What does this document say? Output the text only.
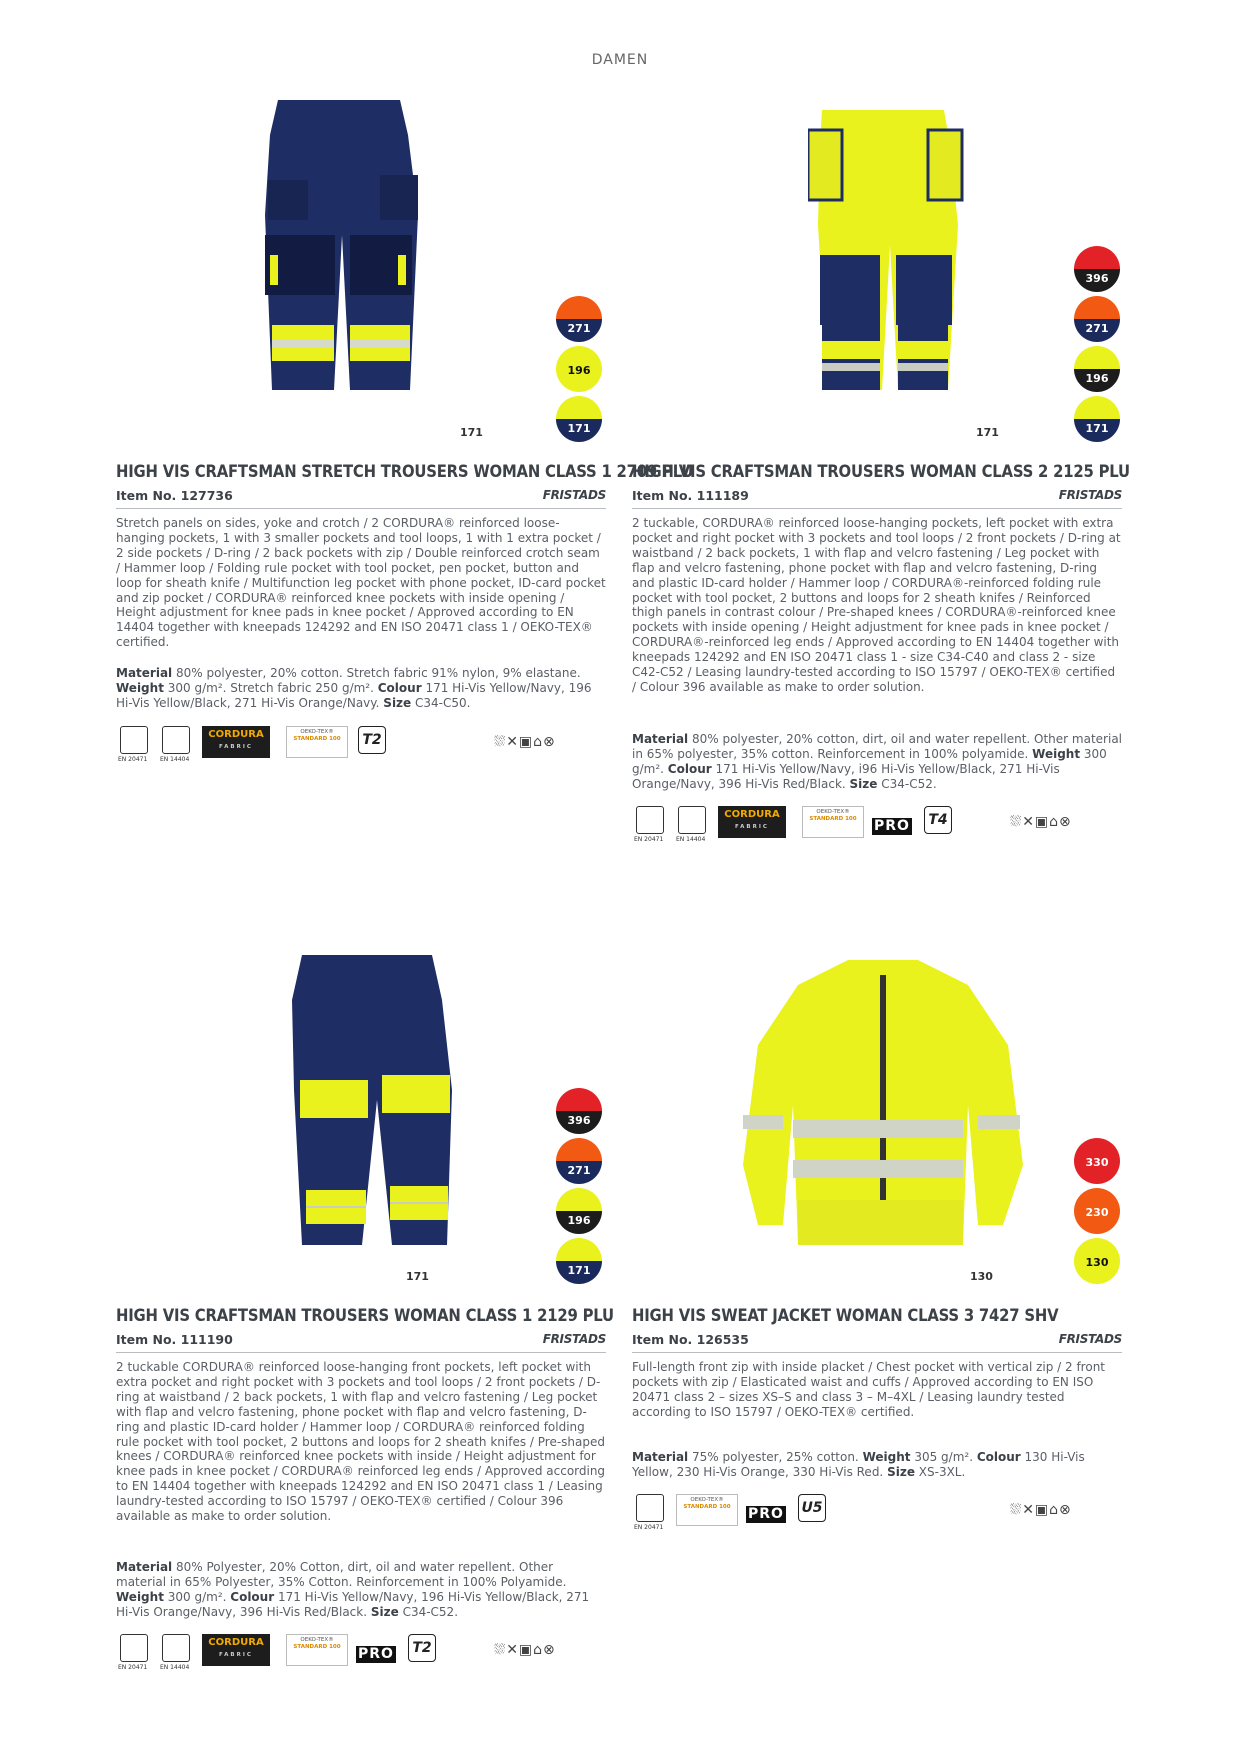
DAMEN
171
271
196
171
HIGH VIS CRAFTSMAN STRETCH TROUSERS WOMAN CLASS 1 2709 PLU
Item No. 127736	FRISTADS
Stretch panels on sides, yoke and crotch / 2 CORDURA® reinforced loose-hanging pockets, 1 with 3 smaller pockets and tool loops, 1 with 1 extra pocket / 2 side pockets / D-ring / 2 back pockets with zip / Double reinforced crotch seam / Hammer loop / Folding rule pocket with tool pocket, pen pocket, button and loop for sheath knife / Multifunction leg pocket with phone pocket, ID-card pocket and zip pocket / CORDURA® reinforced knee pockets with inside opening / Height adjustment for knee pads in knee pocket / Approved according to EN 14404 together with kneepads 124292 and EN ISO 20471 class 1 / OEKO-TEX® certified.
Material 80% polyester, 20% cotton. Stretch fabric 91% nylon, 9% elastane. Weight 300 g/m². Stretch fabric 250 g/m². Colour 171 Hi-Vis Yellow/Navy, 196 Hi-Vis Yellow/Black, 271 Hi-Vis Orange/Navy. Size C34-C50.
EN 20471 EN 14404
CORDURA
FABRIC
OEKO-TEX®
STANDARD 100	T2	⛆✕▣⌂⊗
171
396
271
196
171
HIGH VIS CRAFTSMAN TROUSERS WOMAN CLASS 2 2125 PLU
Item No. 111189	FRISTADS
2 tuckable, CORDURA® reinforced loose-hanging pockets, left pocket with extra pocket and right pocket with 3 pockets and tool loops / 2 front pockets / D-ring at waistband / 2 back pockets, 1 with flap and velcro fastening / Leg pocket with flap and velcro fastening, phone pocket with flap and velcro fastening, D-ring and plastic ID-card holder / Hammer loop / CORDURA®-reinforced folding rule pocket with tool pocket, 2 buttons and loops for 2 sheath knifes / Reinforced thigh panels in contrast colour / Pre-shaped knees / CORDURA®-reinforced knee pockets with inside opening / Height adjustment for knee pads in knee pocket / CORDURA®-reinforced leg ends / Approved according to EN 14404 together with kneepads 124292 and EN ISO 20471 class 1 - size C34-C40 and class 2 - size C42-C52 / Leasing laundry-tested according to ISO 15797 / OEKO-TEX® certified / Colour 396 available as make to order solution.
Material 80% polyester, 20% cotton, dirt, oil and water repellent. Other material in 65% polyester, 35% cotton. Reinforcement in 100% polyamide. Weight 300 g/m². Colour 171 Hi-Vis Yellow/Navy, i96 Hi-Vis Yellow/Black, 271 Hi-Vis Orange/Navy, 396 Hi-Vis Red/Black. Size C34-C52.
EN 20471 EN 14404
CORDURA
FABRIC
OEKO-TEX®
STANDARD 100	PRO	T4	⛆✕▣⌂⊗
171
396
271
196
171
HIGH VIS CRAFTSMAN TROUSERS WOMAN CLASS 1 2129 PLU
Item No. 111190	FRISTADS
2 tuckable CORDURA® reinforced loose-hanging front pockets, left pocket with extra pocket and right pocket with 3 pockets and tool loops / 2 front pockets / D-ring at waistband / 2 back pockets, 1 with flap and velcro fastening / Leg pocket with flap and velcro fastening, phone pocket with flap and velcro fastening, D-ring and plastic ID-card holder / Hammer loop / CORDURA® reinforced folding rule pocket with tool pocket, 2 buttons and loops for 2 sheath knifes / Pre-shaped knees / CORDURA® reinforced knee pockets with inside / Height adjustment for knee pads in knee pocket / CORDURA® reinforced leg ends / Approved according to EN 14404 together with kneepads 124292 and EN ISO 20471 class 1 / Leasing laundry-tested according to ISO 15797 / OEKO-TEX® certified / Colour 396 available as make to order solution.
Material 80% Polyester, 20% Cotton, dirt, oil and water repellent. Other material in 65% Polyester, 35% Cotton. Reinforcement in 100% Polyamide. Weight 300 g/m². Colour 171 Hi-Vis Yellow/Navy, 196 Hi-Vis Yellow/Black, 271 Hi-Vis Orange/Navy, 396 Hi-Vis Red/Black. Size C34-C52.
EN 20471 EN 14404
CORDURA
FABRIC
OEKO-TEX®
STANDARD 100	PRO	T2	⛆✕▣⌂⊗
130
330
230
130
HIGH VIS SWEAT JACKET WOMAN CLASS 3 7427 SHV
Item No. 126535	FRISTADS
Full-length front zip with inside placket / Chest pocket with vertical zip / 2 front pockets with zip / Elasticated waist and cuffs / Approved according to EN ISO 20471 class 2 – sizes XS–S and class 3 – M–4XL / Leasing laundry tested according to ISO 15797 / OEKO-TEX® certified.
Material 75% polyester, 25% cotton. Weight 305 g/m². Colour 130 Hi-Vis Yellow, 230 Hi-Vis Orange, 330 Hi-Vis Red. Size XS-3XL.
EN 20471
OEKO-TEX®
STANDARD 100	PRO U5	⛆✕▣⌂⊗
